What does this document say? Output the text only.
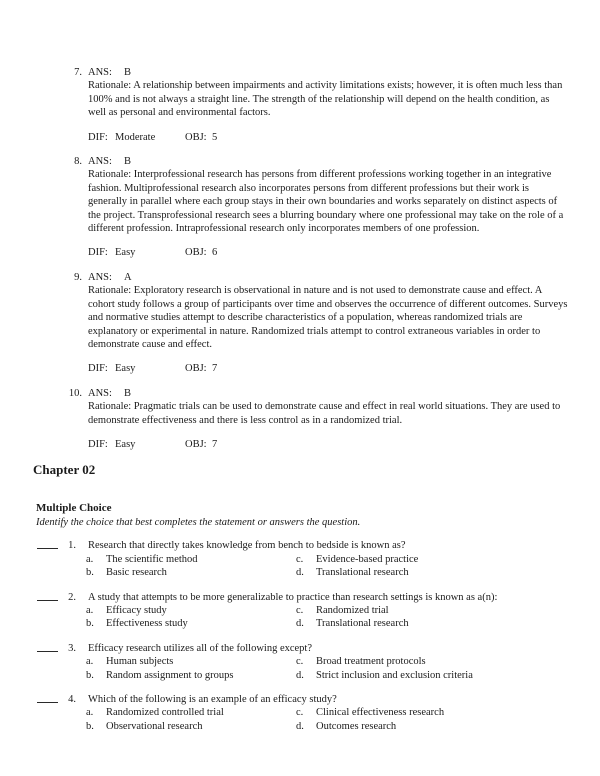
7. ANS: B
Rationale: A relationship between impairments and activity limitations exists; however, it is often much less than 100% and is not always a straight line. The strength of the relationship will depend on the health condition, as well as personal and environmental factors.
DIF: Moderate	OBJ: 5
8. ANS: B
Rationale: Interprofessional research has persons from different professions working together in an integrative fashion. Multiprofessional research also incorporates persons from different professions but their work is generally in parallel where each group stays in their own boundaries and works separately on distinct aspects of the project. Transprofessional research sees a blurring boundary where one professional may take on the role of a different profession. Intraprofessional research only incorporates members of one profession.
DIF: Easy	OBJ: 6
9. ANS: A
Rationale: Exploratory research is observational in nature and is not used to demonstrate cause and effect. A cohort study follows a group of participants over time and observes the occurrence of different outcomes. Surveys and normative studies attempt to describe characteristics of a population, whereas randomized trials are explanatory or experimental in nature. Randomized trials attempt to control extraneous variables in order to demonstrate cause and effect.
DIF: Easy	OBJ: 7
10. ANS: B
Rationale: Pragmatic trials can be used to demonstrate cause and effect in real world situations. They are used to demonstrate effectiveness and there is less control as in a randomized trial.
DIF: Easy	OBJ: 7
Chapter 02
Multiple Choice
Identify the choice that best completes the statement or answers the question.
1. Research that directly takes knowledge from bench to bedside is known as?
a. The scientific method	c. Evidence-based practice
b. Basic research	d. Translational research
2. A study that attempts to be more generalizable to practice than research settings is known as a(n):
a. Efficacy study	c. Randomized trial
b. Effectiveness study	d. Translational research
3. Efficacy research utilizes all of the following except?
a. Human subjects	c. Broad treatment protocols
b. Random assignment to groups	d. Strict inclusion and exclusion criteria
4. Which of the following is an example of an efficacy study?
a. Randomized controlled trial	c. Clinical effectiveness research
b. Observational research	d. Outcomes research
